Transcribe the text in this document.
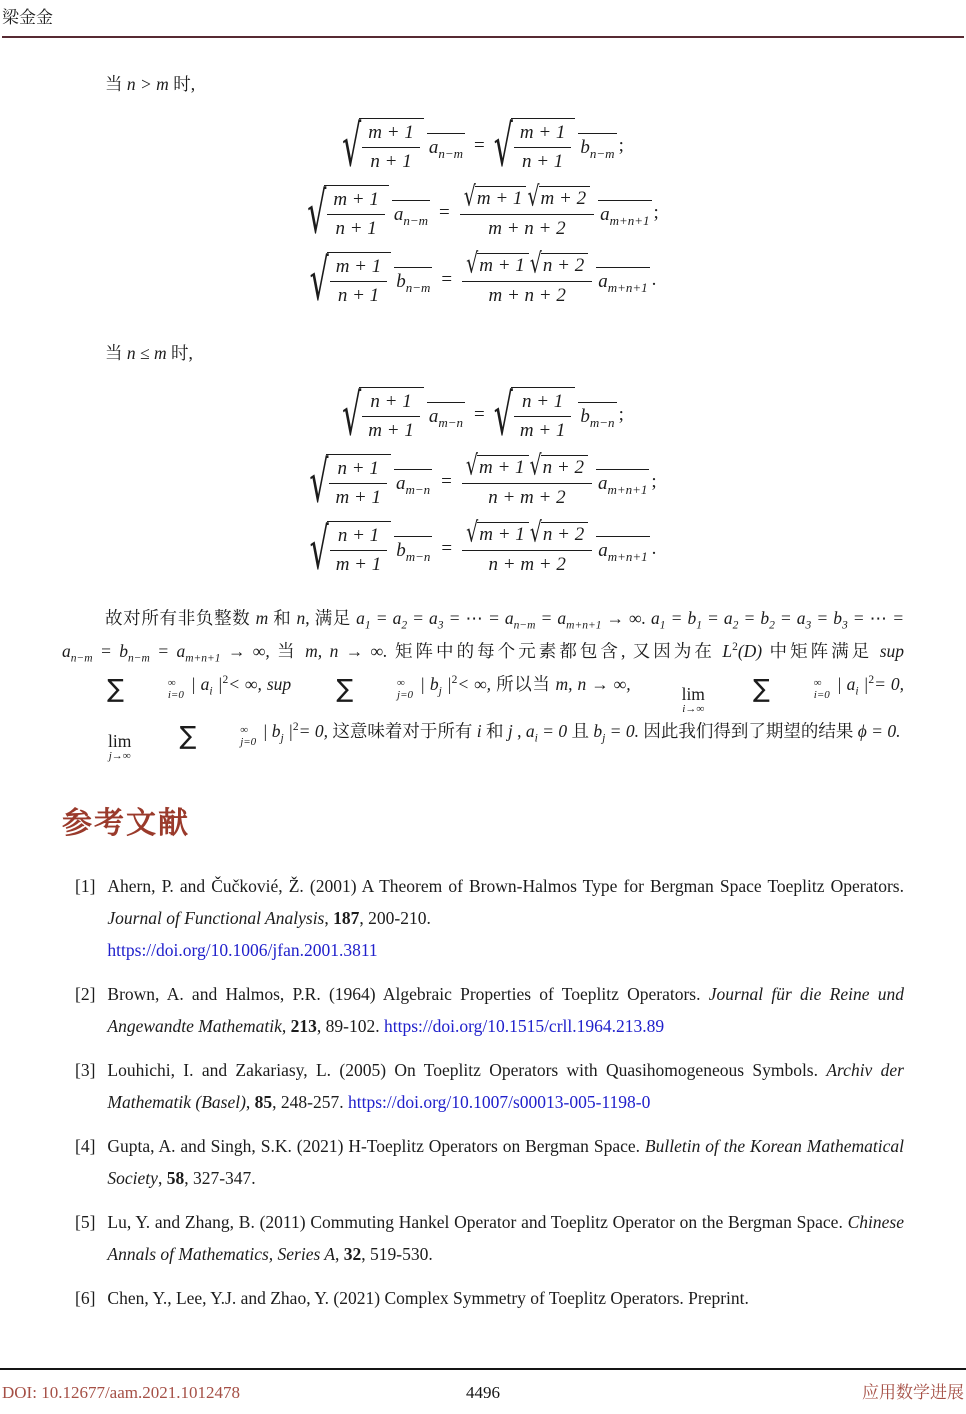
梁金金

当 n > m 时,

√ $\frac{m + 1}{n + 1} a_{n-m}$ = √ $\frac{m + 1}{n + 1} b_{n-m}$ ;
√ $\frac{m + 1}{n + 1} a_{n-m} = \frac{√ m + 1 √ m + 2}{m + n + 2} a_{m+n+1}$ ;
√ $\frac{m + 1}{n + 1} b_{n-m} = \frac{√ m + 1 √ n + 2}{m + n + 2} a_{m+n+1}$ .

当 n ≤ m 时,

√ $\frac{n + 1}{m + 1} a_{m-n}$ = √ $\frac{n + 1}{m + 1} b_{m-n}$ ;
√ $\frac{n + 1}{m + 1} a_{m-n} = \frac{√ m + 1 √ n + 2}{n + m + 2} a_{m+n+1}$ ;
√ $\frac{n + 1}{m + 1} b_{m-n} = \frac{√ m + 1 √ n + 2}{n + m + 2} a_{m+n+1}$ .

故对所有非负整数 m 和 n, 满足 $a_1 = a_2 = a_3$ = ⋯ = $a_{n-m} = a_{m+n+1}$ → ∞. $a_1 = b_1 = a_2 = b_2 = a_3 = b_3$ = ⋯ = $a_{n-m} = b_{n-m} = a_{m+n+1}$ → ∞, 当 m, n → ∞. 矩阵中的每个元素都包含, 又因为在 $L^2(D)$ 中矩阵满足 sup
∑	∞
i=0
| $a_i$ $|^2<$ ∞, sup	∑	∞
j=0
| $b_j$ $|^2<$ ∞, 所以当 m, n → ∞,	lim
i→∞
∑	∞
i=0
| $a_i$ $|^2= 0$,
lim
j→∞
∑	∞
j=0
| $b_j$ $|^2= 0$, 这意味着对于所有 i 和 j , $a_i = 0$ 且 $b_j = 0$. 因此我们得到了期望的结果 ϕ = 0.

参考文献
[1] Ahern, P. and Čučkovié, Ž. (2001) A Theorem of Brown-Halmos Type for Bergman Space Toeplitz Operators. Journal of Functional Analysis, 187, 200-210.
https://doi.org/10.1006/jfan.2001.3811
[2] Brown, A. and Halmos, P.R. (1964) Algebraic Properties of Toeplitz Operators. Journal für die Reine und Angewandte Mathematik, 213, 89-102. https://doi.org/10.1515/crll.1964.213.89
[3] Louhichi, I. and Zakariasy, L. (2005) On Toeplitz Operators with Quasihomogeneous Symbols. Archiv der Mathematik (Basel), 85, 248-257. https://doi.org/10.1007/s00013-005-1198-0
[4] Gupta, A. and Singh, S.K. (2021) H-Toeplitz Operators on Bergman Space. Bulletin of the Korean Mathematical Society, 58, 327-347.
[5] Lu, Y. and Zhang, B. (2011) Commuting Hankel Operator and Toeplitz Operator on the Bergman Space. Chinese Annals of Mathematics, Series A, 32, 519-530.
[6] Chen, Y., Lee, Y.J. and Zhao, Y. (2021) Complex Symmetry of Toeplitz Operators. Preprint.
DOI: 10.12677/aam.2021.1012478	4496	应用数学进展
